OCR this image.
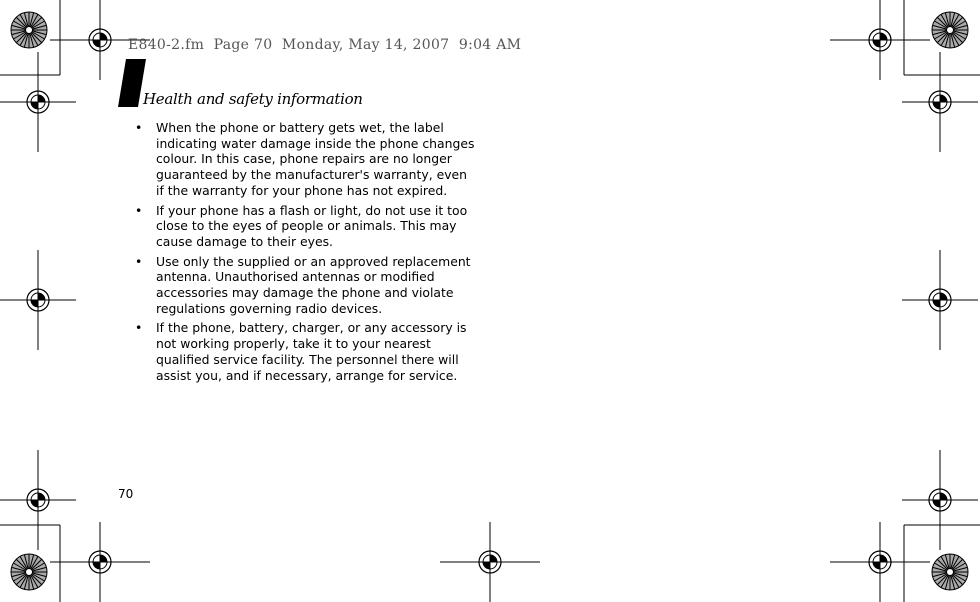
E840-2.fm  Page 70  Monday, May 14, 2007  9:04 AM
Health and safety information
• When the phone or battery gets wet, the label indicating water damage inside the phone changes colour. In this case, phone repairs are no longer guaranteed by the manufacturer's warranty, even if the warranty for your phone has not expired.
• If your phone has a flash or light, do not use it too close to the eyes of people or animals. This may cause damage to their eyes.
• Use only the supplied or an approved replacement antenna. Unauthorised antennas or modified accessories may damage the phone and violate regulations governing radio devices.
• If the phone, battery, charger, or any accessory is not working properly, take it to your nearest qualified service facility. The personnel there will assist you, and if necessary, arrange for service.
70
